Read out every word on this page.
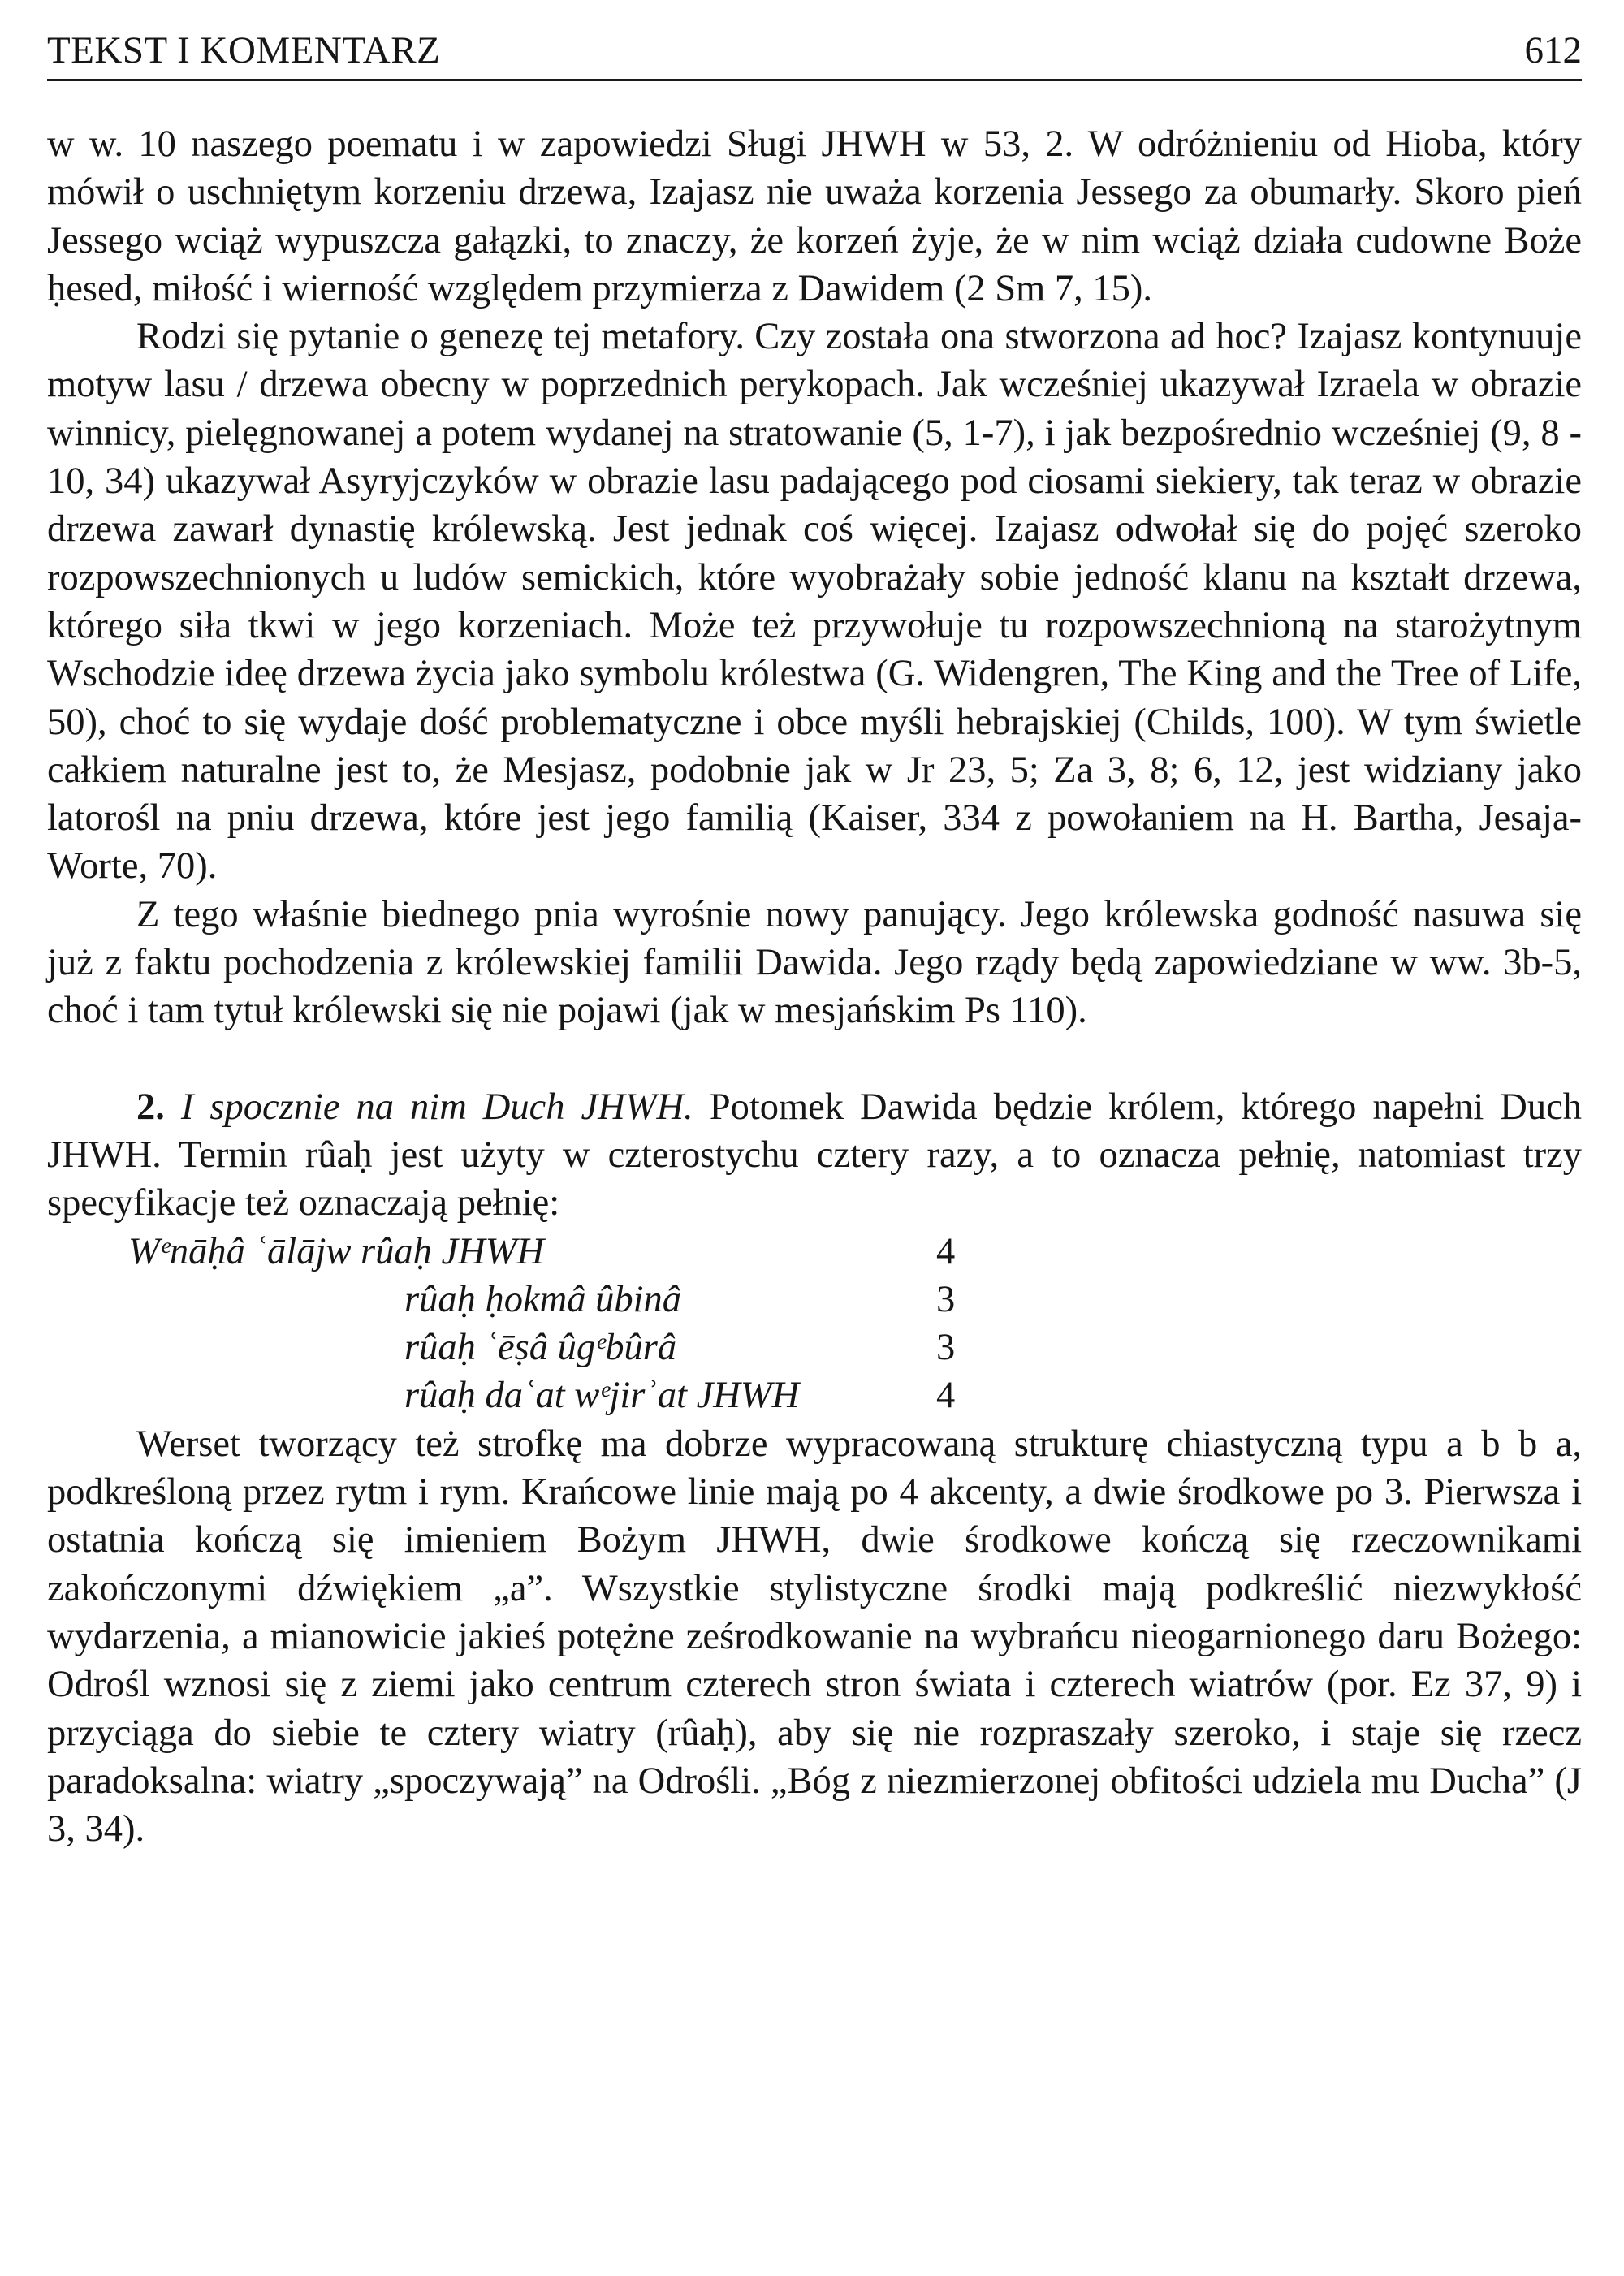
TEKST I KOMENTARZ	612

w w. 10 naszego poematu i w zapowiedzi Sługi JHWH w 53, 2. W odróżnieniu od Hioba, który mówił o uschniętym korzeniu drzewa, Izajasz nie uważa korzenia Jessego za obumarły. Skoro pień Jessego wciąż wypuszcza gałązki, to znaczy, że korzeń żyje, że w nim wciąż działa cudowne Boże ḥesed, miłość i wierność względem przymierza z Dawidem (2 Sm 7, 15).

Rodzi się pytanie o genezę tej metafory. Czy została ona stworzona ad hoc? Izajasz kontynuuje motyw lasu / drzewa obecny w poprzednich perykopach. Jak wcześniej ukazywał Izraela w obrazie winnicy, pielęgnowanej a potem wydanej na stratowanie (5, 1-7), i jak bezpośrednio wcześniej (9, 8 - 10, 34) ukazywał Asyryjczyków w obrazie lasu padającego pod ciosami siekiery, tak teraz w obrazie drzewa zawarł dynastię królewską. Jest jednak coś więcej. Izajasz odwołał się do pojęć szeroko rozpowszechnionych u ludów semickich, które wyobrażały sobie jedność klanu na kształt drzewa, którego siła tkwi w jego korzeniach. Może też przywołuje tu rozpowszechnioną na starożytnym Wschodzie ideę drzewa życia jako symbolu królestwa (G. Widengren, The King and the Tree of Life, 50), choć to się wydaje dość problematyczne i obce myśli hebrajskiej (Childs, 100). W tym świetle całkiem naturalne jest to, że Mesjasz, podobnie jak w Jr 23, 5; Za 3, 8; 6, 12, jest widziany jako latorośl na pniu drzewa, które jest jego familią (Kaiser, 334 z powołaniem na H. Bartha, Jesaja-Worte, 70).

Z tego właśnie biednego pnia wyrośnie nowy panujący. Jego królewska godność nasuwa się już z faktu pochodzenia z królewskiej familii Dawida. Jego rządy będą zapowiedziane w ww. 3b-5, choć i tam tytuł królewski się nie pojawi (jak w mesjańskim Ps 110).

2. I spocznie na nim Duch JHWH. Potomek Dawida będzie królem, którego napełni Duch JHWH. Termin rûaḥ jest użyty w czterostychu cztery razy, a to oznacza pełnię, natomiast trzy specyfikacje też oznaczają pełnię:

Wᵉnāḥâ ʿālājw rûaḥ JHWH	4
rûaḥ ḥokmâ ûbinâ	3
rûaḥ ʿēṣâ ûgᵉbûrâ	3
rûaḥ daʿat wᵉjirʾat JHWH	4

Werset tworzący też strofkę ma dobrze wypracowaną strukturę chiastyczną typu a b b a, podkreśloną przez rytm i rym. Krańcowe linie mają po 4 akcenty, a dwie środkowe po 3. Pierwsza i ostatnia kończą się imieniem Bożym JHWH, dwie środkowe kończą się rzeczownikami zakończonymi dźwiękiem „a”. Wszystkie stylistyczne środki mają podkreślić niezwykłość wydarzenia, a mianowicie jakieś potężne ześrodkowanie na wybrańcu nieogarnionego daru Bożego: Odrośl wznosi się z ziemi jako centrum czterech stron świata i czterech wiatrów (por. Ez 37, 9) i przyciąga do siebie te cztery wiatry (rûaḥ), aby się nie rozpraszały szeroko, i staje się rzecz paradoksalna: wiatry „spoczywają” na Odrośli. „Bóg z niezmierzonej obfitości udziela mu Ducha” (J 3, 34).
